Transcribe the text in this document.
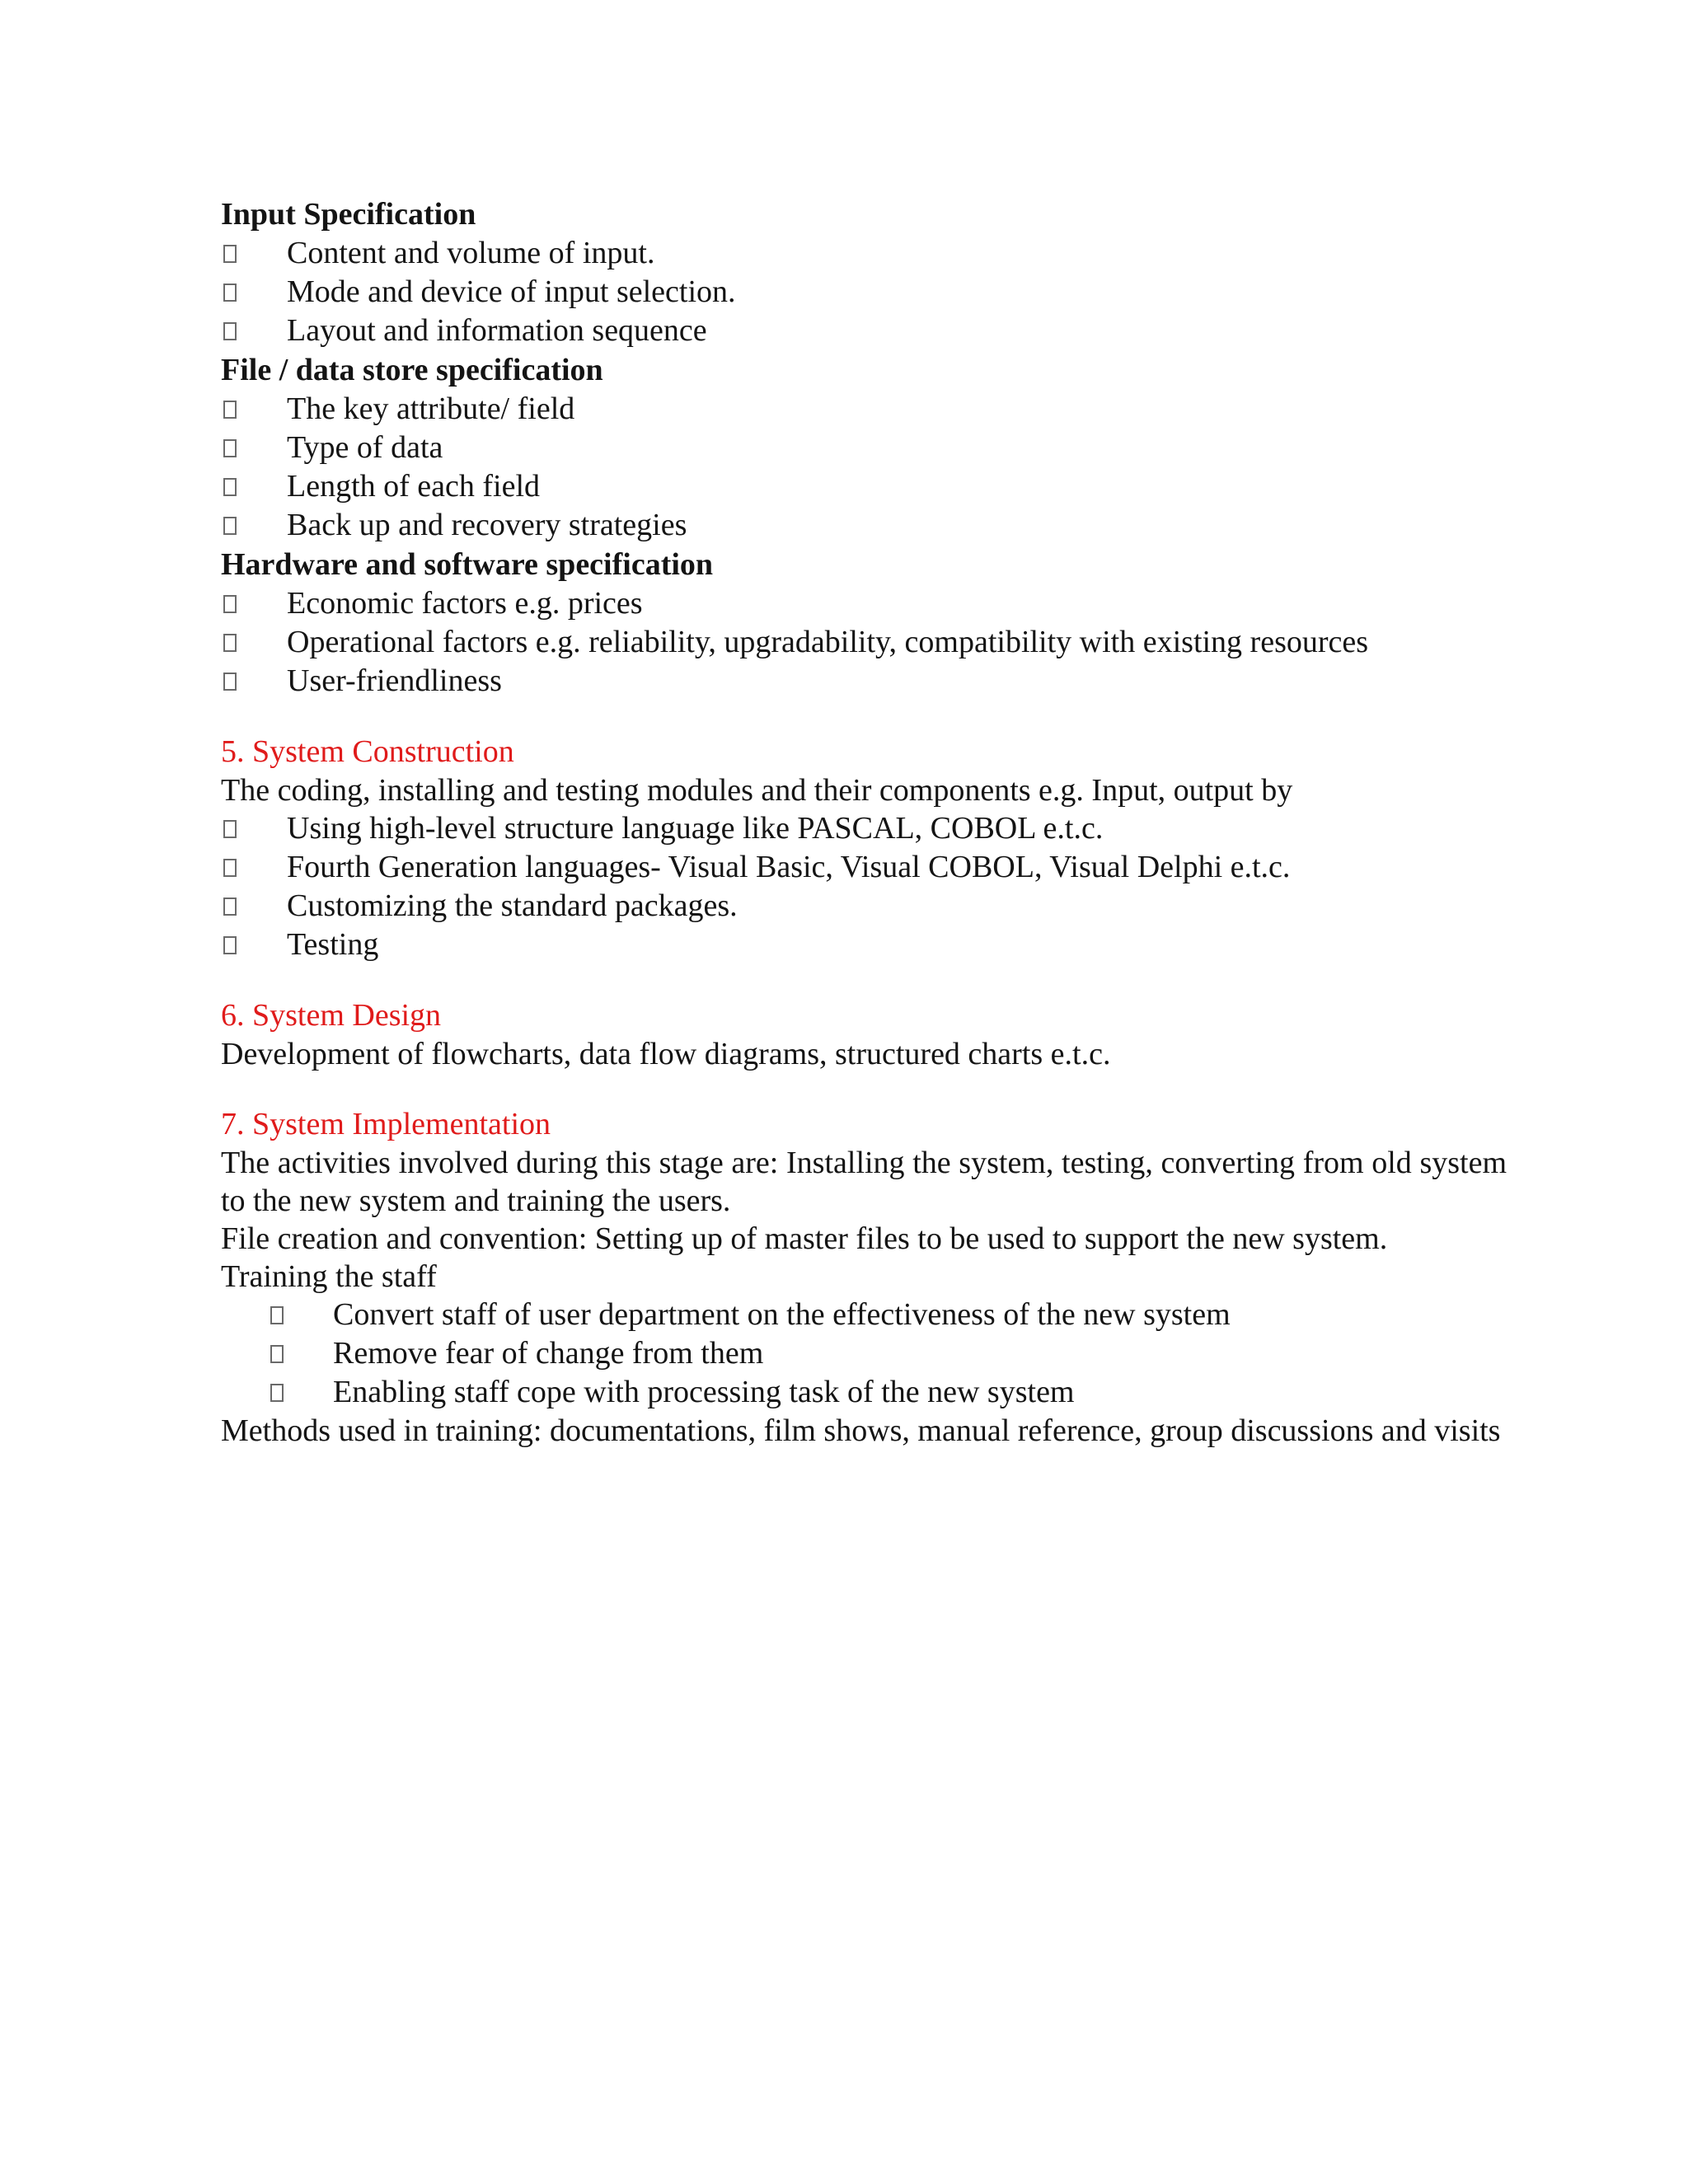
Input Specification

Content and volume of input.
Mode and device of input selection.
Layout and information sequence

File / data store specification

The key attribute/ field
Type of data
Length of each field
Back up and recovery strategies

Hardware and software specification

Economic factors e.g. prices
Operational factors e.g. reliability, upgradability, compatibility with existing resources
User-friendliness

5. System Construction

The coding, installing and testing modules and their components e.g. Input, output by

Using high-level structure language like PASCAL, COBOL e.t.c.
Fourth Generation languages- Visual Basic, Visual COBOL, Visual Delphi e.t.c.
Customizing the standard packages.
Testing

6. System Design

Development of flowcharts, data flow diagrams, structured charts e.t.c.

7. System Implementation

The activities involved during this stage are: Installing the system, testing, converting from old system to the new system and training the users.

File creation and convention: Setting up of master files to be used to support the new system.

Training the staff

Convert staff of user department on the effectiveness of the new system
Remove fear of change from them
Enabling staff cope with processing task of the new system

Methods used in training: documentations, film shows, manual reference, group discussions and visits
